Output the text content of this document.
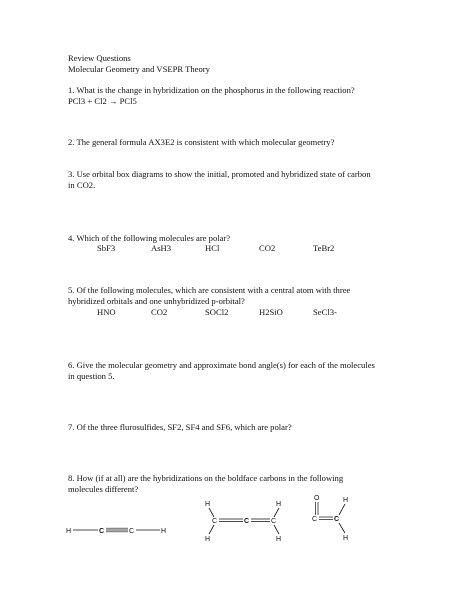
Review Questions
Molecular Geometry and VSEPR Theory
1. What is the change in hybridization on the phosphorus in the following reaction?
PCl3 + Cl2 → PCl5
2. The general formula AX3E2 is consistent with which molecular geometry?
3. Use orbital box diagrams to show the initial, promoted and hybridized state of carbon
in CO2.
4. Which of the following molecules are polar?
SbF3	AsH3	HCl	CO2	TeBr2
5. Of the following molecules, which are consistent with a central atom with three
hybridized orbitals and one unhybridized p-orbital?
HNO	CO2	SOCl2	H2SiO	SeCl3-
6. Give the molecular geometry and approximate bond angle(s) for each of the molecules
in question 5.
7. Of the three flurosulfides, SF2, SF4 and SF6, which are polar?
8. How (if at all) are the hybridizations on the boldface carbons in the following
molecules different?
H	C	C	H
H	H
C	C	C
H	H
O	H
C C
H
